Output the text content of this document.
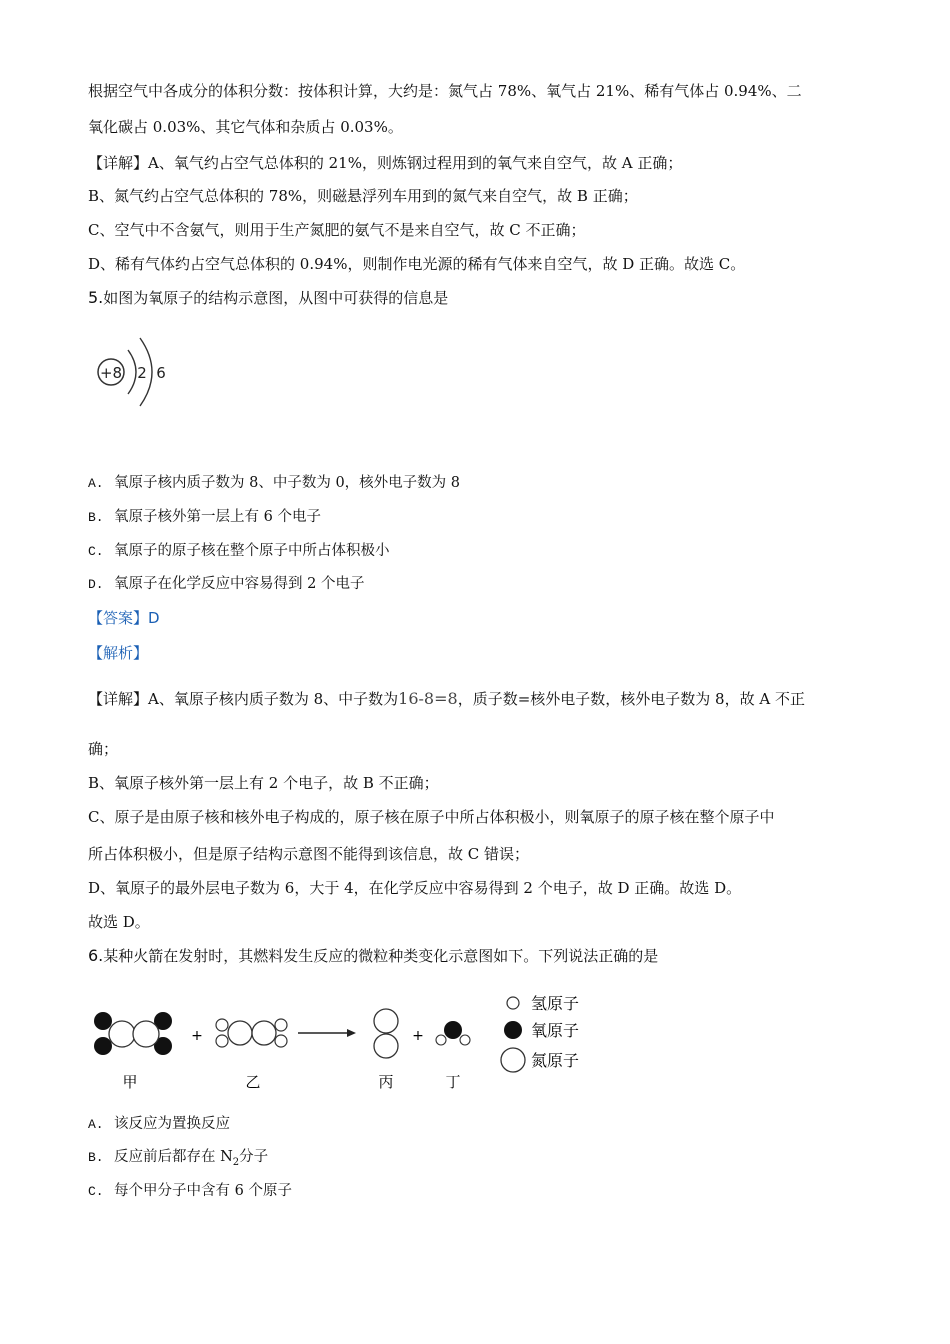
根据空气中各成分的体积分数：按体积计算，大约是：氮气占 78%、氧气占 21%、稀有气体占 0.94%、二
氧化碳占 0.03%、其它气体和杂质占 0.03%。
【详解】A、氧气约占空气总体积的 21%，则炼钢过程用到的氧气来自空气，故 A 正确；
B、氮气约占空气总体积的 78%，则磁悬浮列车用到的氮气来自空气，故 B 正确；
C、空气中不含氨气，则用于生产氮肥的氨气不是来自空气，故 C 不正确；
D、稀有气体约占空气总体积的 0.94%，则制作电光源的稀有气体来自空气，故 D 正确。故选 C。
5.如图为氧原子的结构示意图，从图中可获得的信息是
+8 2 6
A. 氧原子核内质子数为 8、中子数为 0，核外电子数为 8
B. 氧原子核外第一层上有 6 个电子
C. 氧原子的原子核在整个原子中所占体积极小
D. 氧原子在化学反应中容易得到 2 个电子
【答案】D
【解析】
【详解】A、氧原子核内质子数为 8、中子数为16-8=8，质子数=核外电子数，核外电子数为 8，故 A 不正
确；
B、氧原子核外第一层上有 2 个电子，故 B 不正确；
C、原子是由原子核和核外电子构成的，原子核在原子中所占体积极小，则氧原子的原子核在整个原子中
所占体积极小，但是原子结构示意图不能得到该信息，故 C 错误；
D、氧原子的最外层电子数为 6，大于 4，在化学反应中容易得到 2 个电子，故 D 正确。故选 D。
故选 D。
6.某种火箭在发射时，其燃料发生反应的微粒种类变化示意图如下。下列说法正确的是
+	+
甲	乙	丙	丁
氢原子
氧原子
氮原子
A. 该反应为置换反应
B. 反应前后都存在 $N_2$分子
C. 每个甲分子中含有 6 个原子
